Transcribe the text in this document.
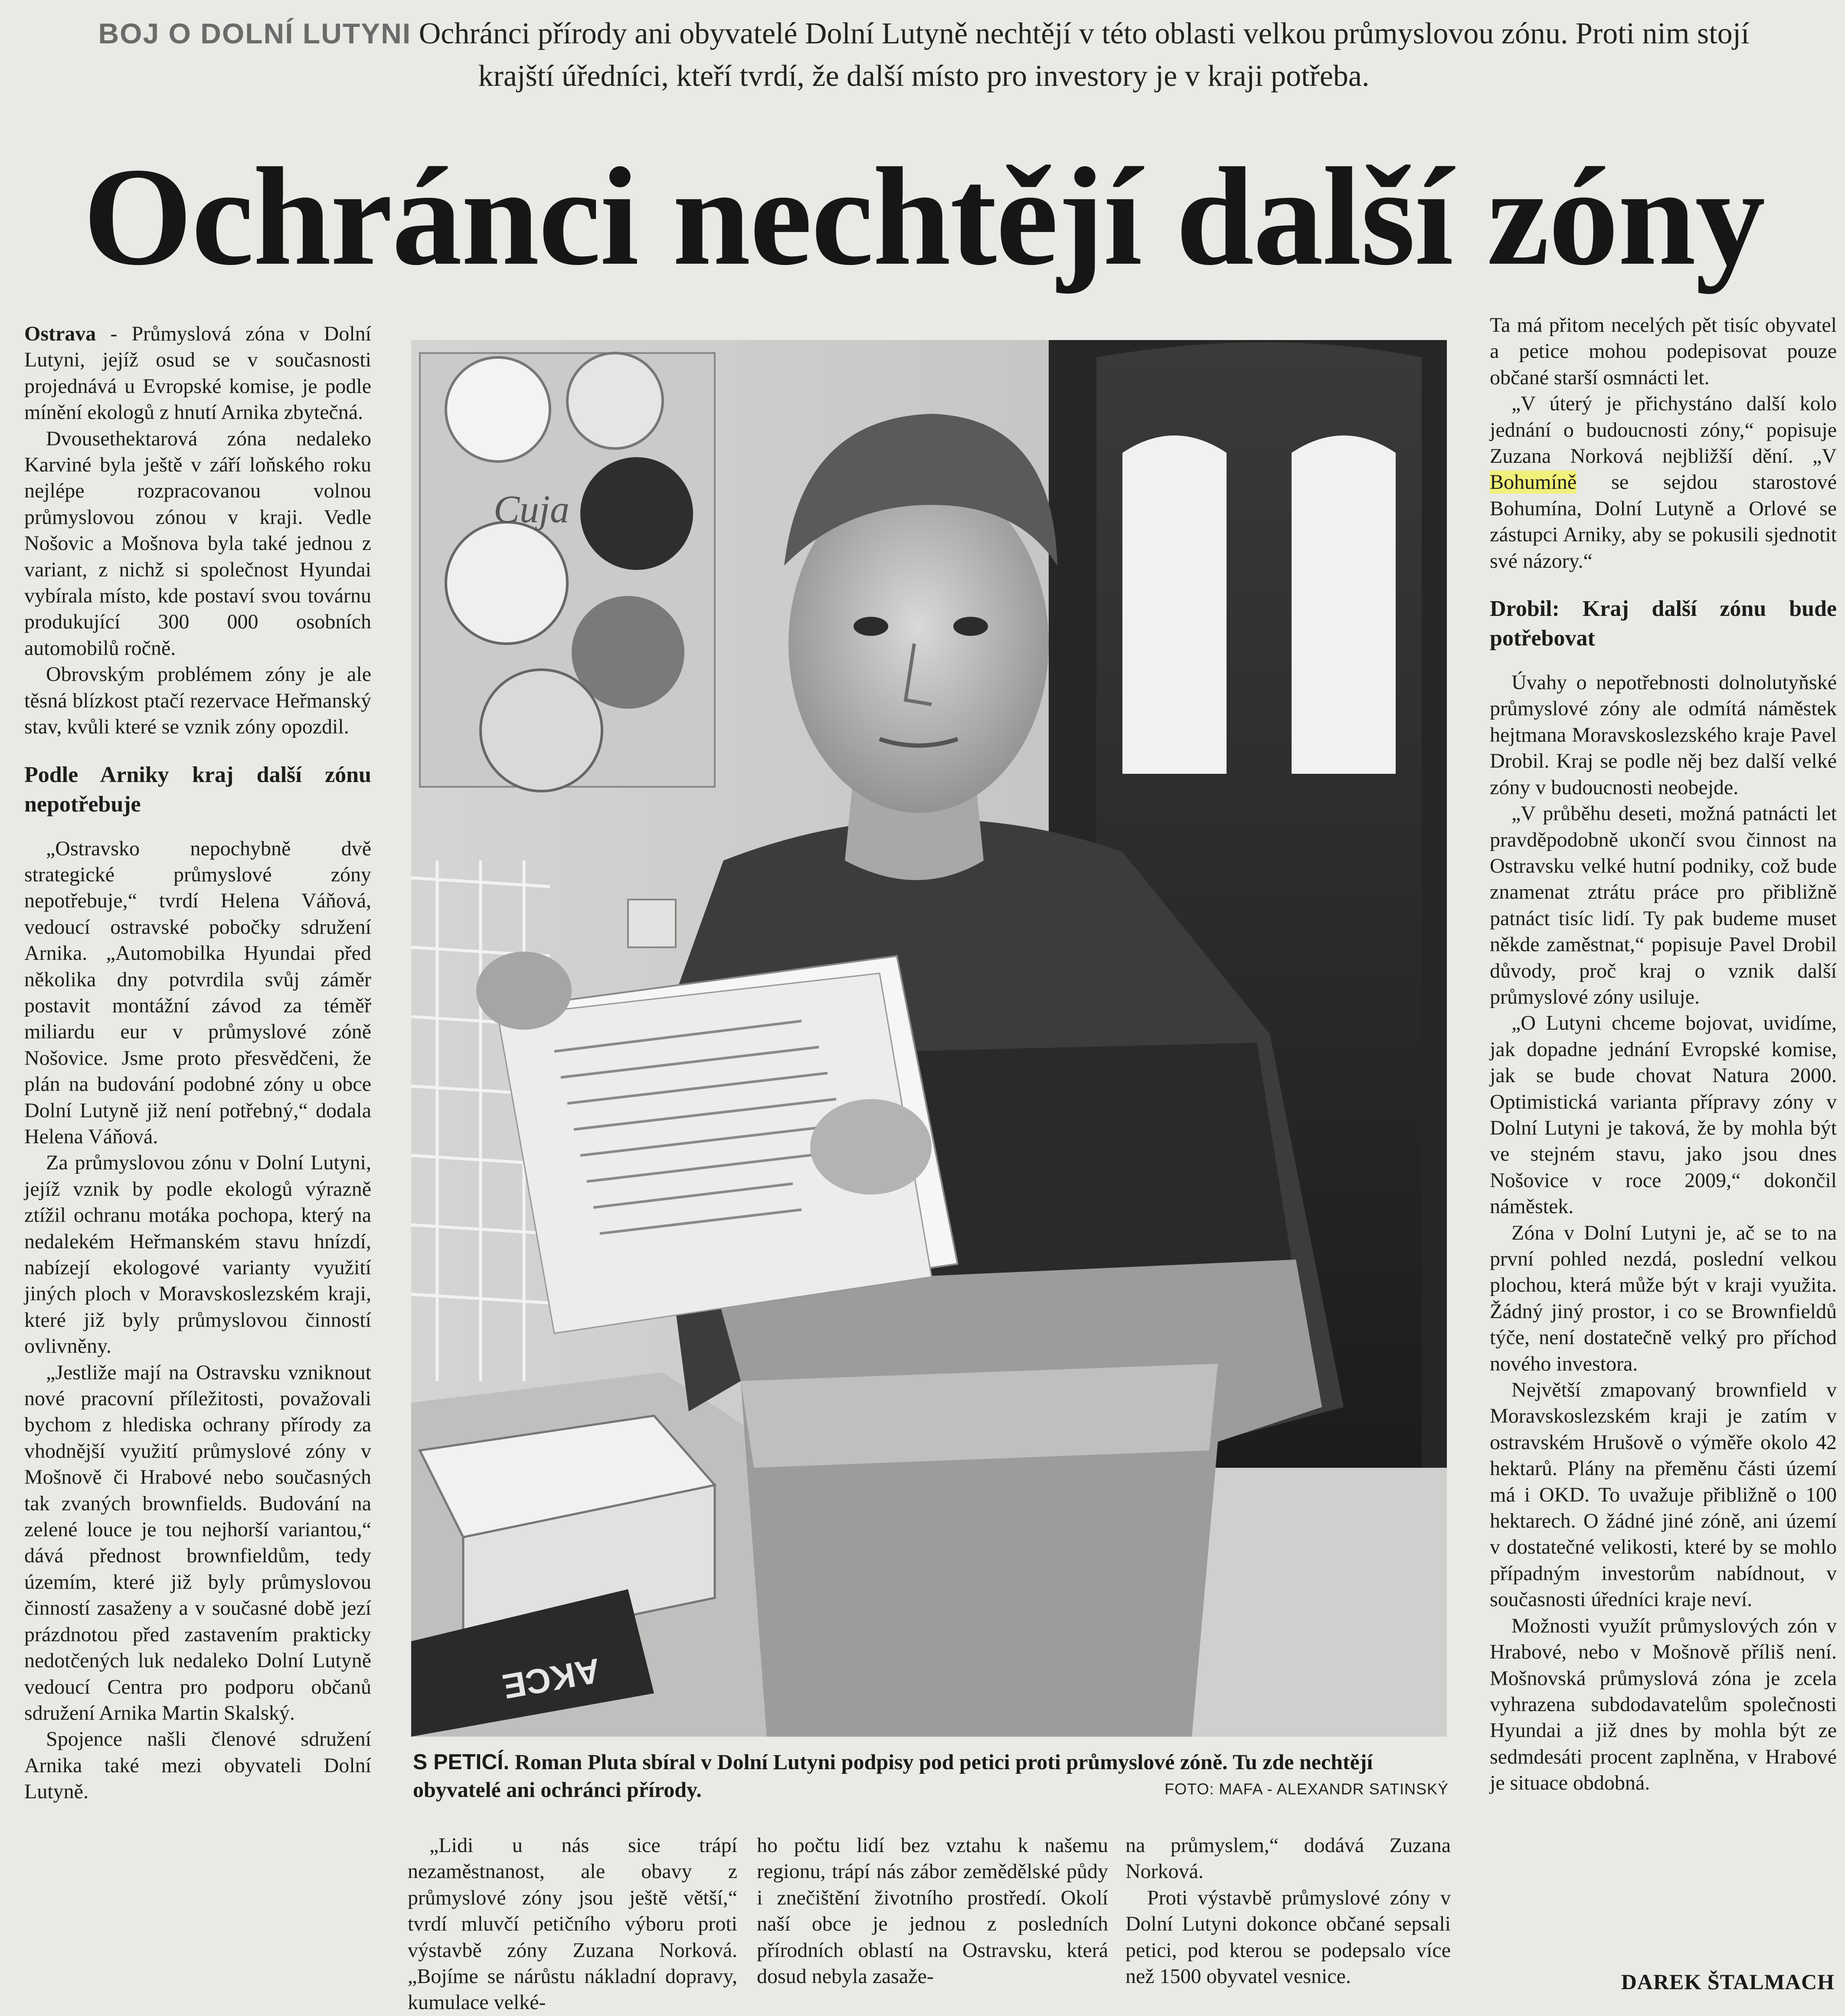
BOJ O DOLNÍ LUTYNI Ochránci přírody ani obyvatelé Dolní Lutyně nechtějí v této oblasti velkou průmyslovou zónu. Proti nim stojí krajští úředníci, kteří tvrdí, že další místo pro investory je v kraji potřeba.
Ochránci nechtějí další zóny

Ostrava - Průmyslová zóna v Dolní Lutyni, jejíž osud se v současnosti projednává u Evropské komise, je podle mínění ekologů z hnutí Arnika zbytečná.

Dvousethektarová zóna nedaleko Karviné byla ještě v září loňského roku nejlépe rozpracovanou volnou průmyslovou zónou v kraji. Vedle Nošovic a Mošnova byla také jednou z variant, z nichž si společnost Hyundai vybírala místo, kde postaví svou továrnu produkující 300 000 osobních automobilů ročně.

Obrovským problémem zóny je ale těsná blízkost ptačí rezervace Heřmanský stav, kvůli které se vznik zóny opozdil.

Podle Arniky kraj další zónu nepotřebuje

„Ostravsko nepochybně dvě strategické průmyslové zóny nepotřebuje,“ tvrdí Helena Váňová, vedoucí ostravské pobočky sdružení Arnika. „Automobilka Hyundai před několika dny potvrdila svůj záměr postavit montážní závod za téměř miliardu eur v průmyslové zóně Nošovice. Jsme proto přesvědčeni, že plán na budování podobné zóny u obce Dolní Lutyně již není potřebný,“ dodala Helena Váňová.

Za průmyslovou zónu v Dolní Lutyni, jejíž vznik by podle ekologů výrazně ztížil ochranu motáka pochopa, který na nedalekém Heřmanském stavu hnízdí, nabízejí ekologové varianty využití jiných ploch v Moravskoslezském kraji, které již byly průmyslovou činností ovlivněny.

„Jestliže mají na Ostravsku vzniknout nové pracovní příležitosti, považovali bychom z hlediska ochrany přírody za vhodnější využití průmyslové zóny v Mošnově či Hrabové nebo současných tak zvaných brownfields. Budování na zelené louce je tou nejhorší variantou,“ dává přednost brownfieldům, tedy územím, které již byly průmyslovou činností zasaženy a v současné době jezí prázdnotou před zastavením prakticky nedotčených luk nedaleko Dolní Lutyně vedoucí Centra pro podporu občanů sdružení Arnika Martin Skalský.

Spojence našli členové sdružení Arnika také mezi obyvateli Dolní Lutyně.

Cuja
AKCE
S PETICÍ. Roman Pluta sbíral v Dolní Lutyni podpisy pod petici proti průmyslové zóně. Tu zde nechtějí obyvatelé ani ochránci přírody.	FOTO: MAFA - ALEXANDR SATINSKÝ

„Lidi u nás sice trápí nezaměstnanost, ale obavy z průmyslové zóny jsou ještě větší,“ tvrdí mluvčí petičního výboru proti výstavbě zóny Zuzana Norková. „Bojíme se nárůstu nákladní dopravy, kumulace velké-

ho počtu lidí bez vztahu k našemu regionu, trápí nás zábor zemědělské půdy i znečištění životního prostředí. Okolí naší obce je jednou z posledních přírodních oblastí na Ostravsku, která dosud nebyla zasaže-

na průmyslem,“ dodává Zuzana Norková.

Proti výstavbě průmyslové zóny v Dolní Lutyni dokonce občané sepsali petici, pod kterou se podepsalo více než 1500 obyvatel vesnice.

Ta má přitom necelých pět tisíc obyvatel a petice mohou podepisovat pouze občané starší osmnácti let.

„V úterý je přichystáno další kolo jednání o budoucnosti zóny,“ popisuje Zuzana Norková nejbližší dění. „V Bohumíně se sejdou starostové Bohumína, Dolní Lutyně a Orlové se zástupci Arniky, aby se pokusili sjednotit své názory.“

Drobil: Kraj další zónu bude potřebovat

Úvahy o nepotřebnosti dolnolutyňské průmyslové zóny ale odmítá náměstek hejtmana Moravskoslezského kraje Pavel Drobil. Kraj se podle něj bez další velké zóny v budoucnosti neobejde.

„V průběhu deseti, možná patnácti let pravděpodobně ukončí svou činnost na Ostravsku velké hutní podniky, což bude znamenat ztrátu práce pro přibližně patnáct tisíc lidí. Ty pak budeme muset někde zaměstnat,“ popisuje Pavel Drobil důvody, proč kraj o vznik další průmyslové zóny usiluje.

„O Lutyni chceme bojovat, uvidíme, jak dopadne jednání Evropské komise, jak se bude chovat Natura 2000. Optimistická varianta přípravy zóny v Dolní Lutyni je taková, že by mohla být ve stejném stavu, jako jsou dnes Nošovice v roce 2009,“ dokončil náměstek.

Zóna v Dolní Lutyni je, ač se to na první pohled nezdá, poslední velkou plochou, která může být v kraji využita. Žádný jiný prostor, i co se Brownfieldů týče, není dostatečně velký pro příchod nového investora.

Největší zmapovaný brownfield v Moravskoslezském kraji je zatím v ostravském Hrušově o výměře okolo 42 hektarů. Plány na přeměnu části území má i OKD. To uvažuje přibližně o 100 hektarech. O žádné jiné zóně, ani území v dostatečné velikosti, které by se mohlo případným investorům nabídnout, v současnosti úředníci kraje neví.

Možnosti využít průmyslových zón v Hrabové, nebo v Mošnově příliš není. Mošnovská průmyslová zóna je zcela vyhrazena subdodavatelům společnosti Hyundai a již dnes by mohla být ze sedmdesáti procent zaplněna, v Hrabové je situace obdobná.

DAREK ŠTALMACH
